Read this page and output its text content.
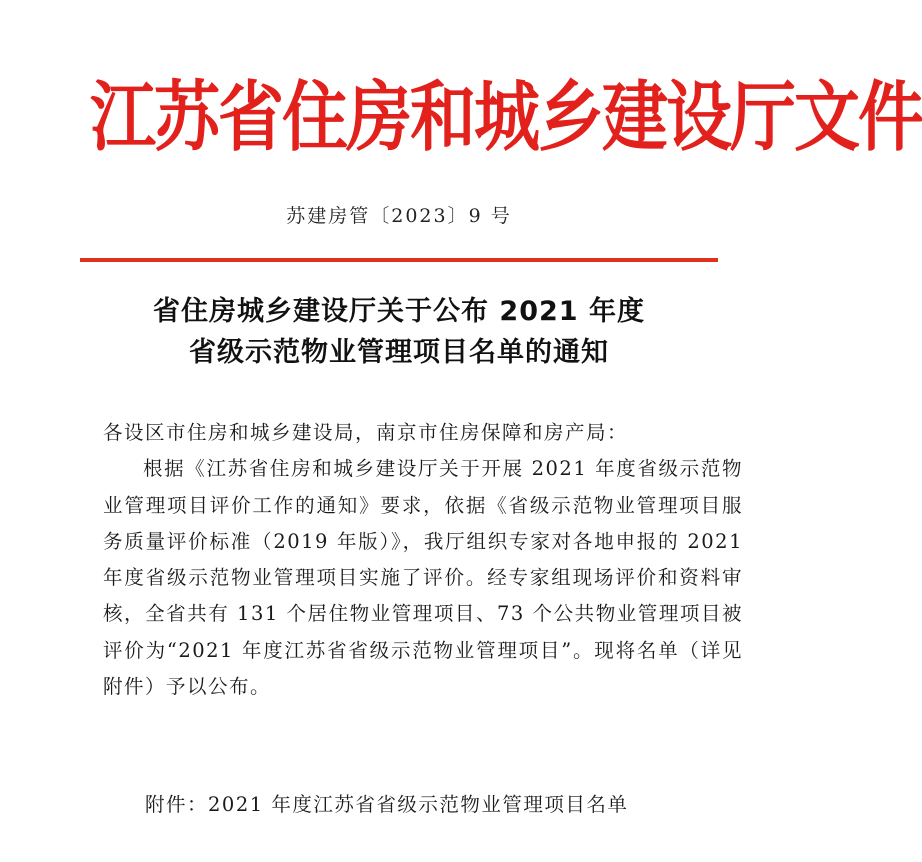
江苏省住房和城乡建设厅文件
苏建房管〔2023〕9 号
省住房城乡建设厅关于公布 2021 年度
省级示范物业管理项目名单的通知

各设区市住房和城乡建设局，南京市住房保障和房产局：

根据《江苏省住房和城乡建设厅关于开展 2021 年度省级示范物业管理项目评价工作的通知》要求，依据《省级示范物业管理项目服务质量评价标准（2019 年版）》，我厅组织专家对各地申报的 2021 年度省级示范物业管理项目实施了评价。经专家组现场评价和资料审核，全省共有 131 个居住物业管理项目、73 个公共物业管理项目被评价为“2021 年度江苏省省级示范物业管理项目”。现将名单（详见附件）予以公布。

附件：2021 年度江苏省省级示范物业管理项目名单
